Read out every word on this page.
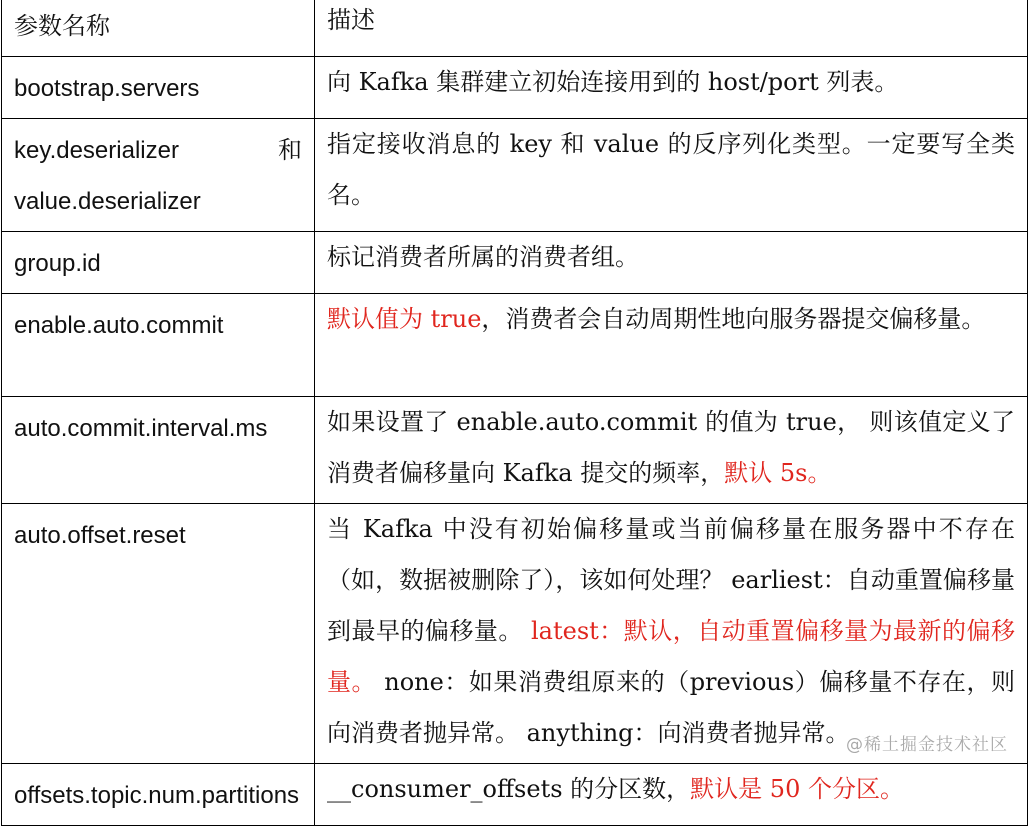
参数名称	描述
bootstrap.servers	向 Kafka 集群建立初始连接用到的 host/port 列表。

key.deserializer 和
value.deserializer	指定接收消息的 key 和 value 的反序列化类型。一定要写全类名。
group.id	标记消费者所属的消费者组。
enable.auto.commit	默认值为 true，消费者会自动周期性地向服务器提交偏移量。
auto.commit.interval.ms	如果设置了 enable.auto.commit 的值为 true， 则该值定义了消费者偏移量向 Kafka 提交的频率，默认 5s。
auto.offset.reset	当 Kafka 中没有初始偏移量或当前偏移量在服务器中不存在（如，数据被删除了），该如何处理？ earliest：自动重置偏移量到最早的偏移量。 latest：默认，自动重置偏移量为最新的偏移量。 none：如果消费组原来的（previous）偏移量不存在，则向消费者抛异常。 anything：向消费者抛异常。
offsets.topic.num.partitions	__consumer_offsets 的分区数，默认是 50 个分区。
@稀土掘金技术社区
